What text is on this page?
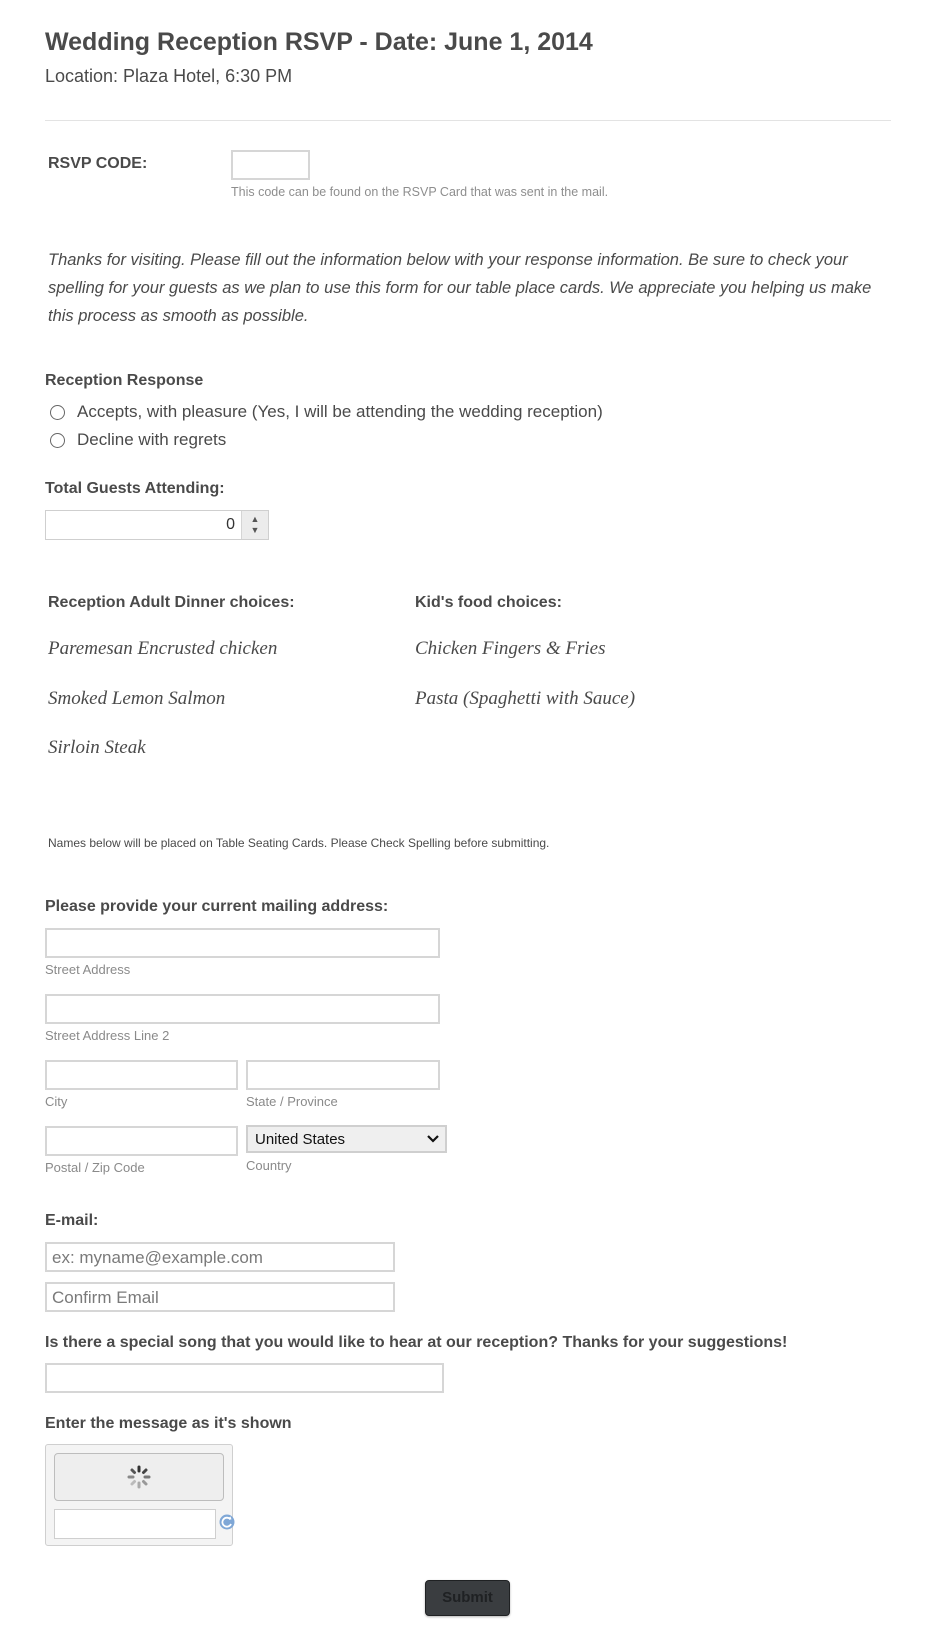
Wedding Reception RSVP - Date: June 1, 2014
Location: Plaza Hotel, 6:30 PM
RSVP CODE:
This code can be found on the RSVP Card that was sent in the mail.
Thanks for visiting. Please fill out the information below with your response information. Be sure to check your spelling for your guests as we plan to use this form for our table place cards. We appreciate you helping us make this process as smooth as possible.
Reception Response
Accepts, with pleasure (Yes, I will be attending the wedding reception)
Decline with regrets
Total Guests Attending:
0	▲
▼
Reception Adult Dinner choices:
Paremesan Encrusted chicken
Smoked Lemon Salmon
Sirloin Steak
Kid's food choices:
Chicken Fingers & Fries
Pasta (Spaghetti with Sauce)
Names below will be placed on Table Seating Cards. Please Check Spelling before submitting.
Please provide your current mailing address:
Street Address
Street Address Line 2
City	State / Province
Postal / Zip Code
United States
Country
E-mail:
ex: myname@example.com
Confirm Email
Is there a special song that you would like to hear at our reception? Thanks for your suggestions!
Enter the message as it's shown
Submit
